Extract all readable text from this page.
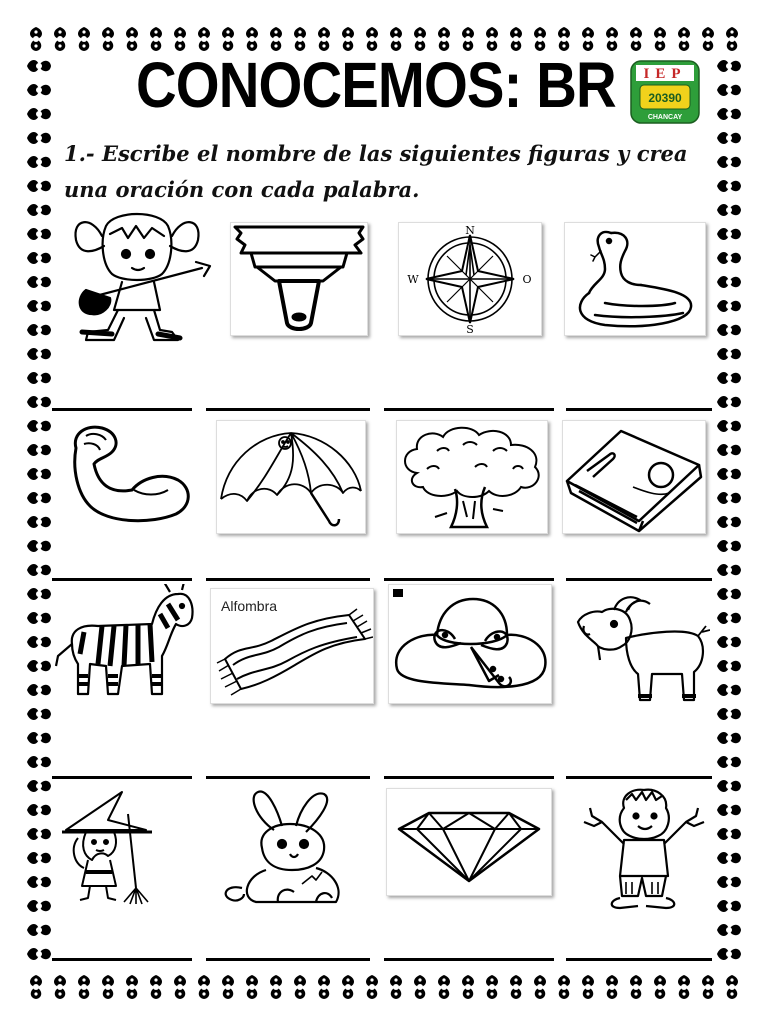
CONOCEMOS: BR IEP
20390
CHANCAY
1.- Escribe el nombre de las siguientes figuras y crea una oración con cada palabra.
N
S
W	O
Alfombra
